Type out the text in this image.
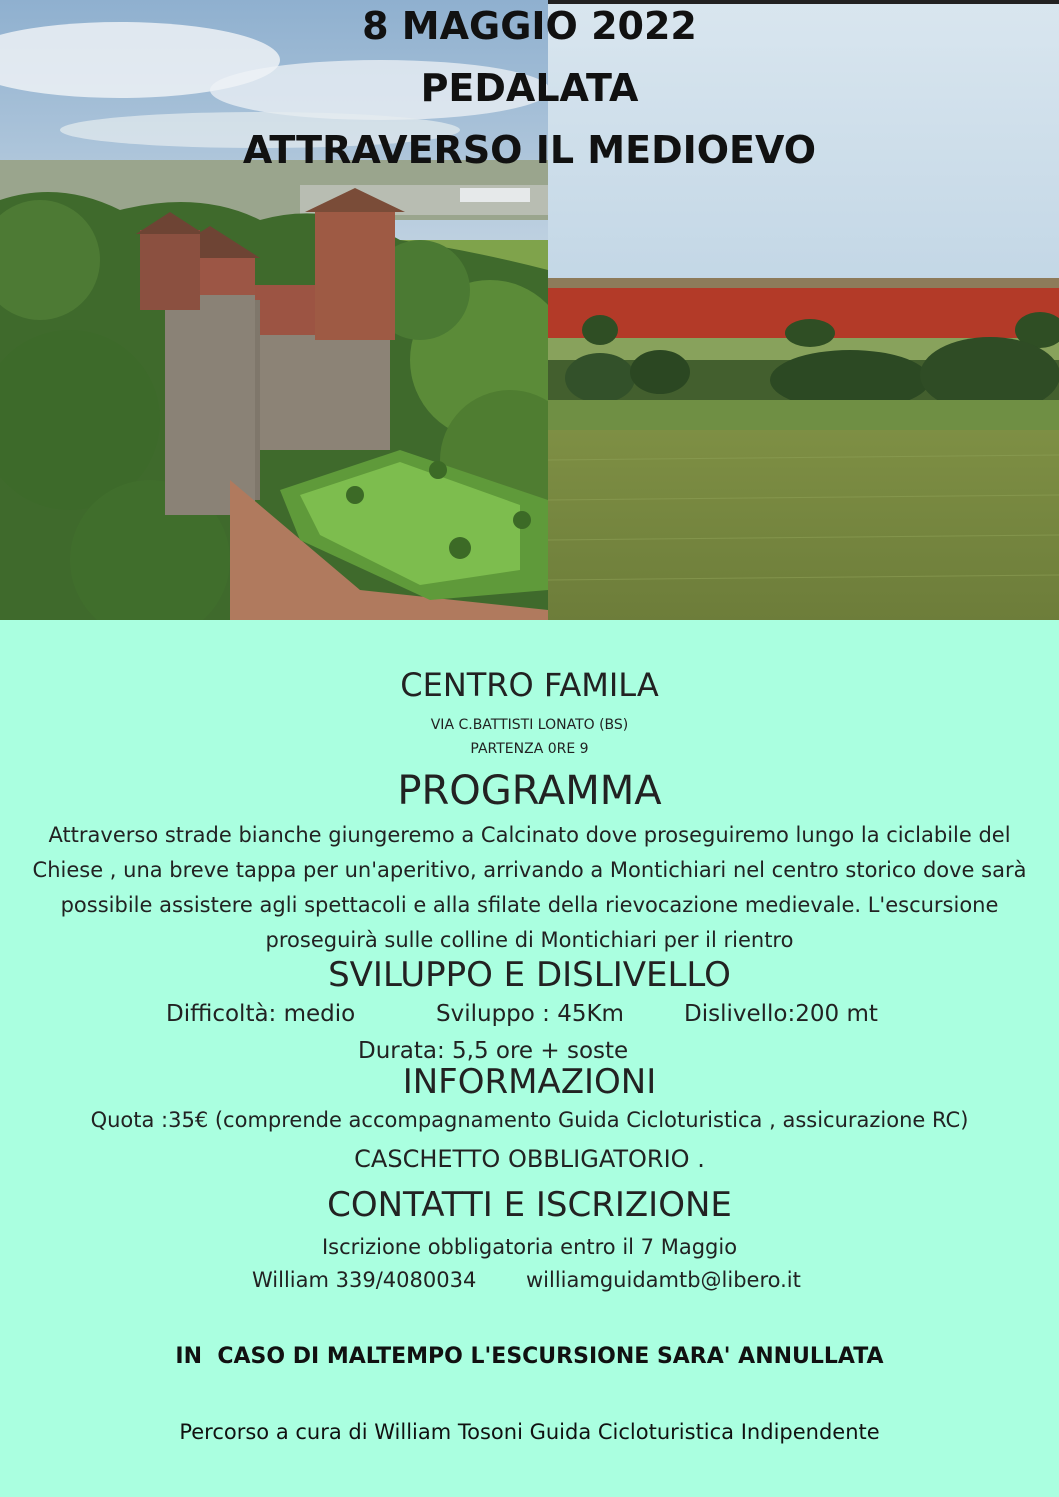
8 MAGGIO 2022
PEDALATA
ATTRAVERSO IL MEDIOEVO
CENTRO FAMILA
VIA C.BATTISTI LONATO (BS)
PARTENZA 0RE 9
PROGRAMMA
Attraverso strade bianche giungeremo a Calcinato dove proseguiremo lungo la ciclabile del Chiese , una breve tappa per un'aperitivo, arrivando a Montichiari nel centro storico dove sarà possibile assistere agli spettacoli e alla sfilate della rievocazione medievale. L'escursione proseguirà sulle colline di Montichiari per il rientro
SVILUPPO E DISLIVELLO
Difficoltà: medio	Sviluppo : 45Km	Dislivello:200 mt
Durata: 5,5 ore + soste
INFORMAZIONI
Quota :35€ (comprende accompagnamento Guida Cicloturistica , assicurazione RC)
CASCHETTO OBBLIGATORIO .
CONTATTI E ISCRIZIONE
Iscrizione obbligatoria entro il 7 Maggio
William 339/4080034 williamguidamtb@libero.it
IN  CASO DI MALTEMPO L'ESCURSIONE SARA' ANNULLATA
Percorso a cura di William Tosoni Guida Cicloturistica Indipendente
